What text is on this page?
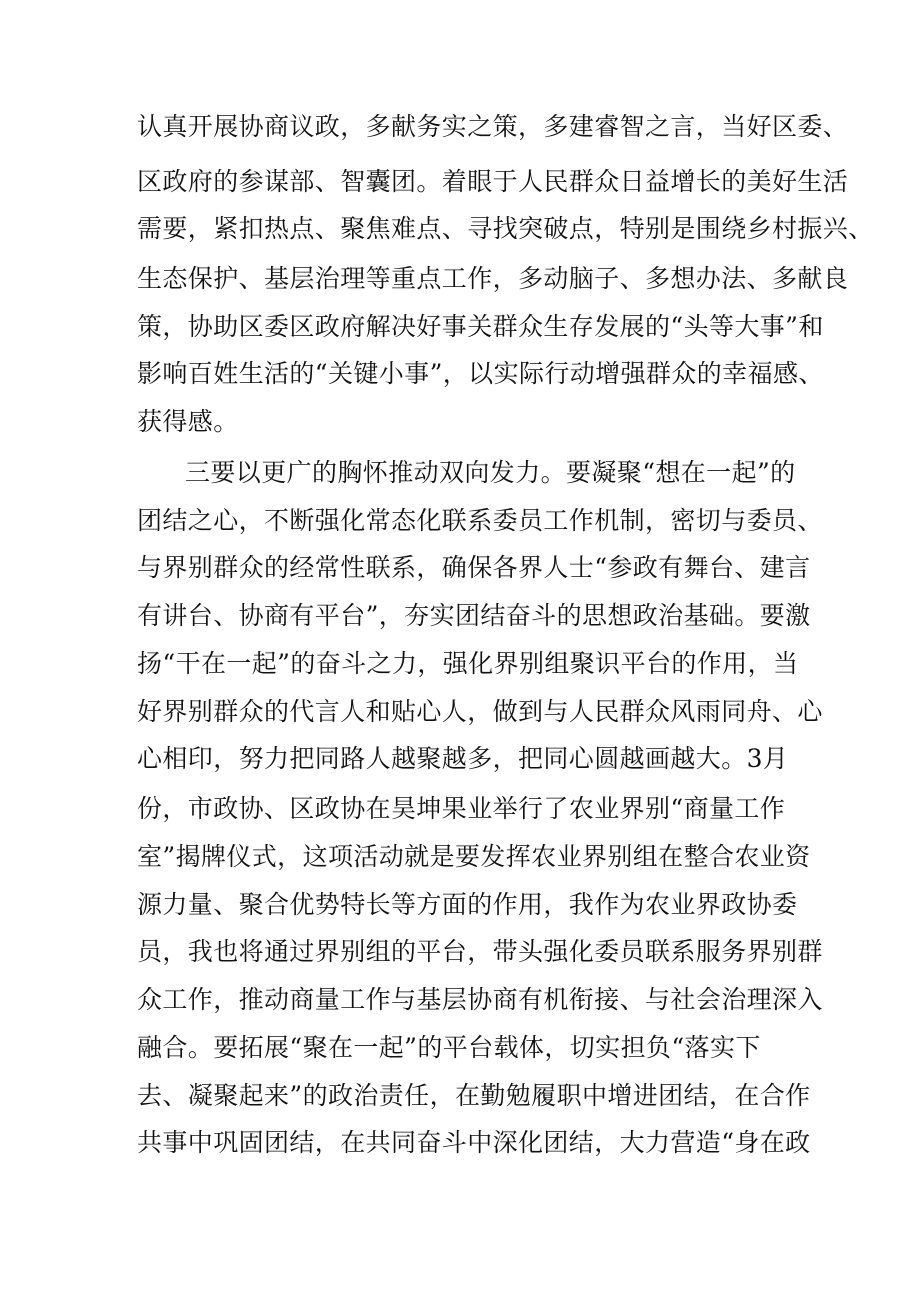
认真开展协商议政，多献务实之策，多建睿智之言，当好区委、
区政府的参谋部、智囊团。着眼于人民群众日益增长的美好生活
需要，紧扣热点、聚焦难点、寻找突破点，特别是围绕乡村振兴、
生态保护、基层治理等重点工作，多动脑子、多想办法、多献良
策，协助区委区政府解决好事关群众生存发展的“头等大事”和
影响百姓生活的“关键小事”，以实际行动增强群众的幸福感、
获得感。
三要以更广的胸怀推动双向发力。要凝聚“想在一起”的
团结之心，不断强化常态化联系委员工作机制，密切与委员、
与界别群众的经常性联系，确保各界人士“参政有舞台、建言
有讲台、协商有平台”，夯实团结奋斗的思想政治基础。要激
扬“干在一起”的奋斗之力，强化界别组聚识平台的作用，当
好界别群众的代言人和贴心人，做到与人民群众风雨同舟、心
心相印，努力把同路人越聚越多，把同心圆越画越大。3月
份，市政协、区政协在昊坤果业举行了农业界别“商量工作
室”揭牌仪式，这项活动就是要发挥农业界别组在整合农业资
源力量、聚合优势特长等方面的作用，我作为农业界政协委
员，我也将通过界别组的平台，带头强化委员联系服务界别群
众工作，推动商量工作与基层协商有机衔接、与社会治理深入
融合。要拓展“聚在一起”的平台载体，切实担负“落实下
去、凝聚起来”的政治责任，在勤勉履职中增进团结，在合作
共事中巩固团结，在共同奋斗中深化团结，大力营造“身在政
